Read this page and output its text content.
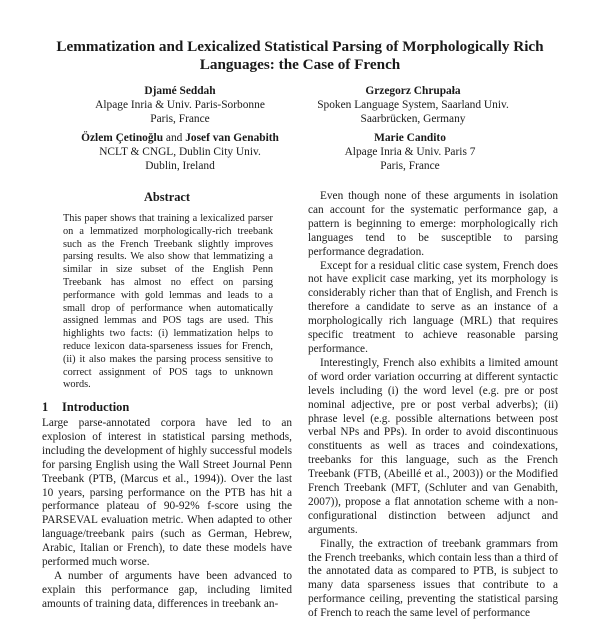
Lemmatization and Lexicalized Statistical Parsing of Morphologically Rich Languages: the Case of French
Djamé Seddah
Alpage Inria & Univ. Paris-Sorbonne
Paris, France
Grzegorz Chrupała
Spoken Language System, Saarland Univ.
Saarbrücken, Germany
Özlem Çetinoğlu and Josef van Genabith
NCLT & CNGL, Dublin City Univ.
Dublin, Ireland
Marie Candito
Alpage Inria & Univ. Paris 7
Paris, France
Abstract
This paper shows that training a lexicalized parser on a lemmatized morphologically-rich treebank such as the French Treebank slightly improves parsing results. We also show that lemmatizing a similar in size subset of the English Penn Treebank has almost no effect on parsing performance with gold lemmas and leads to a small drop of performance when automatically assigned lemmas and POS tags are used. This highlights two facts: (i) lemmatization helps to reduce lexicon data-sparseness issues for French, (ii) it also makes the parsing process sensitive to correct assignment of POS tags to unknown words.
1 Introduction

Large parse-annotated corpora have led to an explosion of interest in statistical parsing methods, including the development of highly successful models for parsing English using the Wall Street Journal Penn Treebank (PTB, (Marcus et al., 1994)). Over the last 10 years, parsing performance on the PTB has hit a performance plateau of 90-92% f-score using the PARSEVAL evaluation metric. When adapted to other language/treebank pairs (such as German, Hebrew, Arabic, Italian or French), to date these models have performed much worse.

A number of arguments have been advanced to explain this performance gap, including limited amounts of training data, differences in treebank an-

Even though none of these arguments in isolation can account for the systematic performance gap, a pattern is beginning to emerge: morphologically rich languages tend to be susceptible to parsing performance degradation.

Except for a residual clitic case system, French does not have explicit case marking, yet its morphology is considerably richer than that of English, and French is therefore a candidate to serve as an instance of a morphologically rich language (MRL) that requires specific treatment to achieve reasonable parsing performance.

Interestingly, French also exhibits a limited amount of word order variation occurring at different syntactic levels including (i) the word level (e.g. pre or post nominal adjective, pre or post verbal adverbs); (ii) phrase level (e.g. possible alternations between post verbal NPs and PPs). In order to avoid discontinuous constituents as well as traces and coindexations, treebanks for this language, such as the French Treebank (FTB, (Abeillé et al., 2003)) or the Modified French Treebank (MFT, (Schluter and van Genabith, 2007)), propose a flat annotation scheme with a non-configurational distinction between adjunct and arguments.

Finally, the extraction of treebank grammars from the French treebanks, which contain less than a third of the annotated data as compared to PTB, is subject to many data sparseness issues that contribute to a performance ceiling, preventing the statistical parsing of French to reach the same level of performance
